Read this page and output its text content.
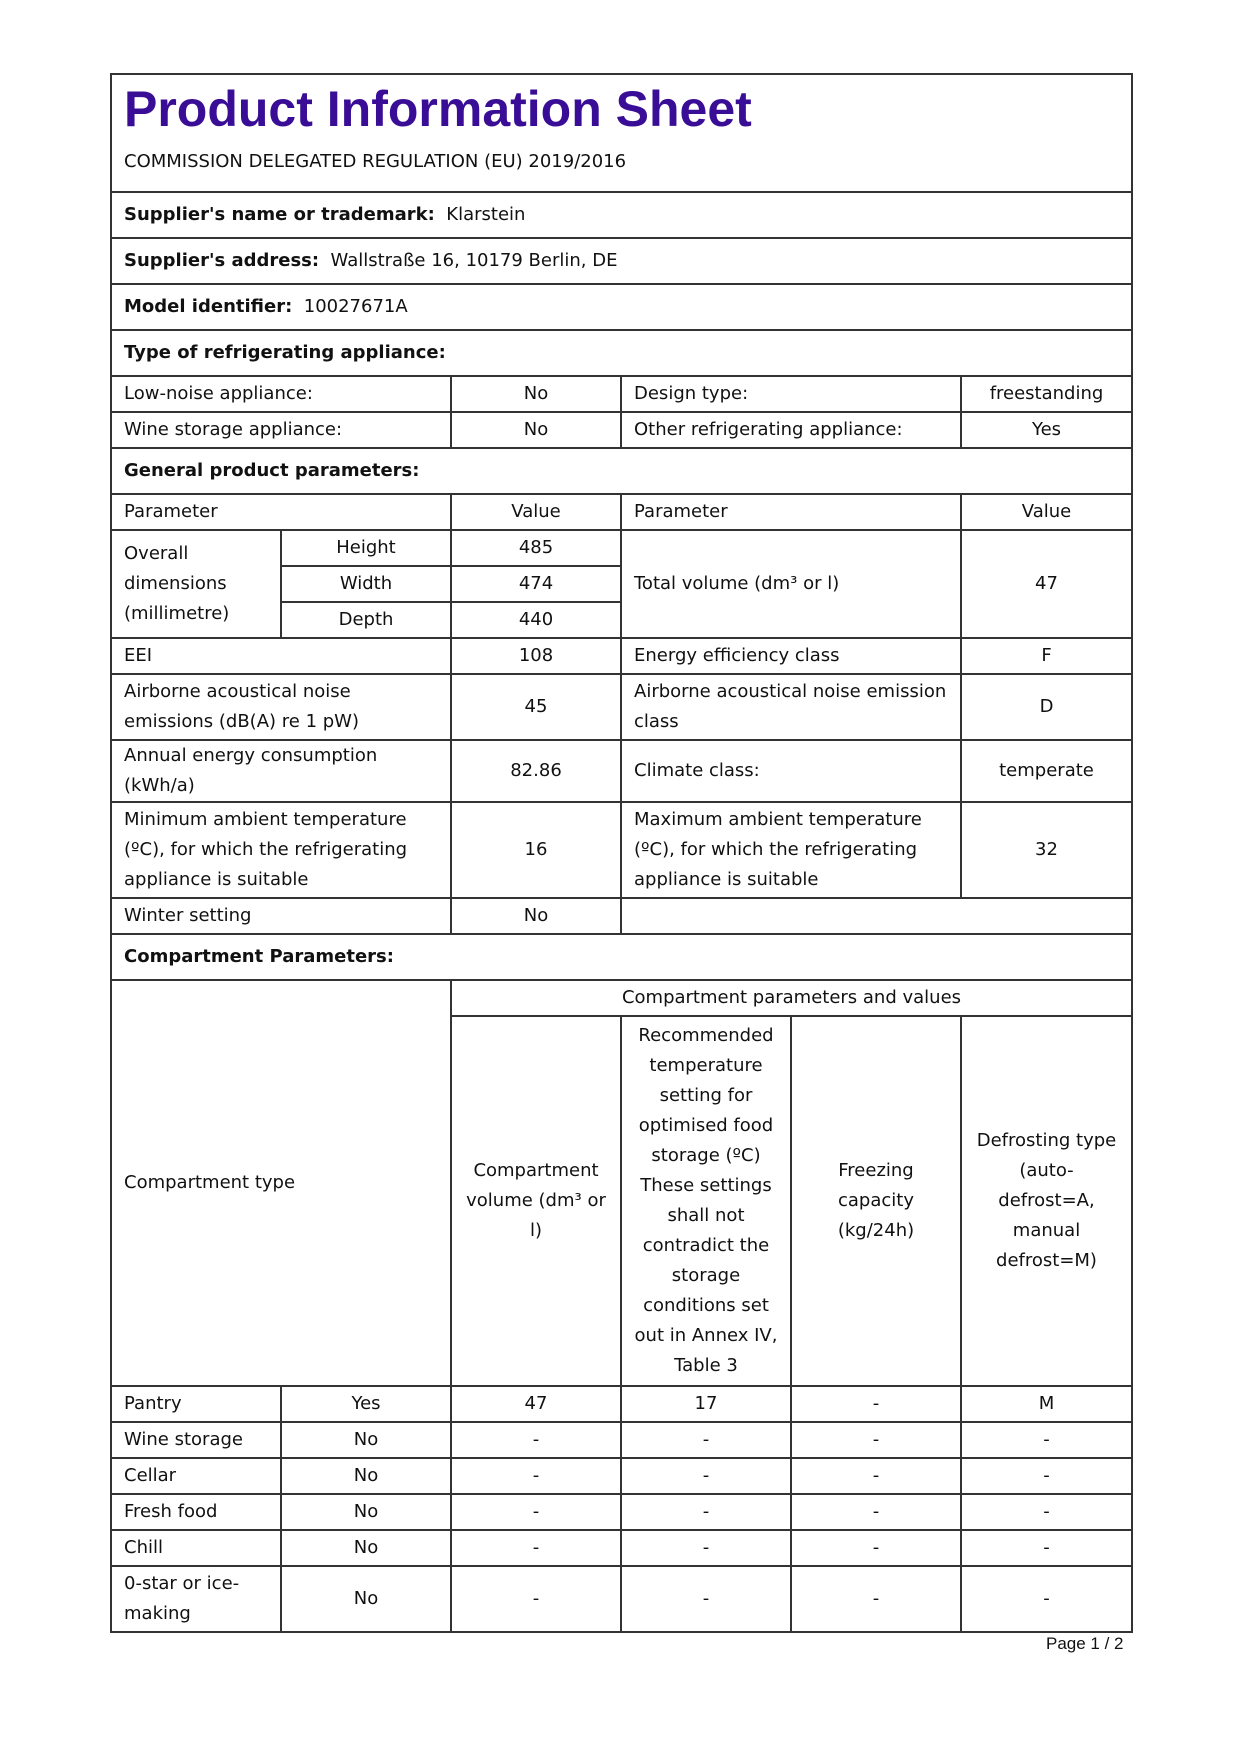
Product Information Sheet
COMMISSION DELEGATED REGULATION (EU) 2019/2016					

Supplier's name or trademark: Klarstein					
Supplier's address: Wallstraße 16, 10179 Berlin, DE					
Model identifier: 10027671A					
Type of refrigerating appliance:					
Low-noise appliance:		No	Design type:		freestanding
Wine storage appliance:		No	Other refrigerating appliance:		Yes
General product parameters:					
Parameter		Value	Parameter		Value
Overall dimensions (millimetre)	Height	485	Total volume (dm³ or l)		47
	Width	474			
	Depth	440			
EEI		108	Energy efficiency class		F
Airborne acoustical noise emissions (dB(A) re 1 pW)		45	Airborne acoustical noise emission class		D
Annual energy consumption (kWh/a)		82.86	Climate class:		temperate
Minimum ambient temperature (ºC), for which the refrigerating appliance is suitable		16	Maximum ambient temperature (ºC), for which the refrigerating appliance is suitable		32
Winter setting		No			
Compartment Parameters:					
Compartment type		Compartment parameters and values			
		Compartment volume (dm³ or l)	Recommended temperature setting for optimised food storage (ºC) These settings shall not contradict the storage conditions set out in Annex IV, Table 3	Freezing capacity (kg/24h)	Defrosting type (auto-defrost=A, manual defrost=M)
Pantry	Yes	47	17	-	M
Wine storage	No	-	-	-	-
Cellar	No	-	-	-	-
Fresh food	No	-	-	-	-
Chill	No	-	-	-	-
0-star or ice-making	No	-	-	-	-
Page 1 / 2
